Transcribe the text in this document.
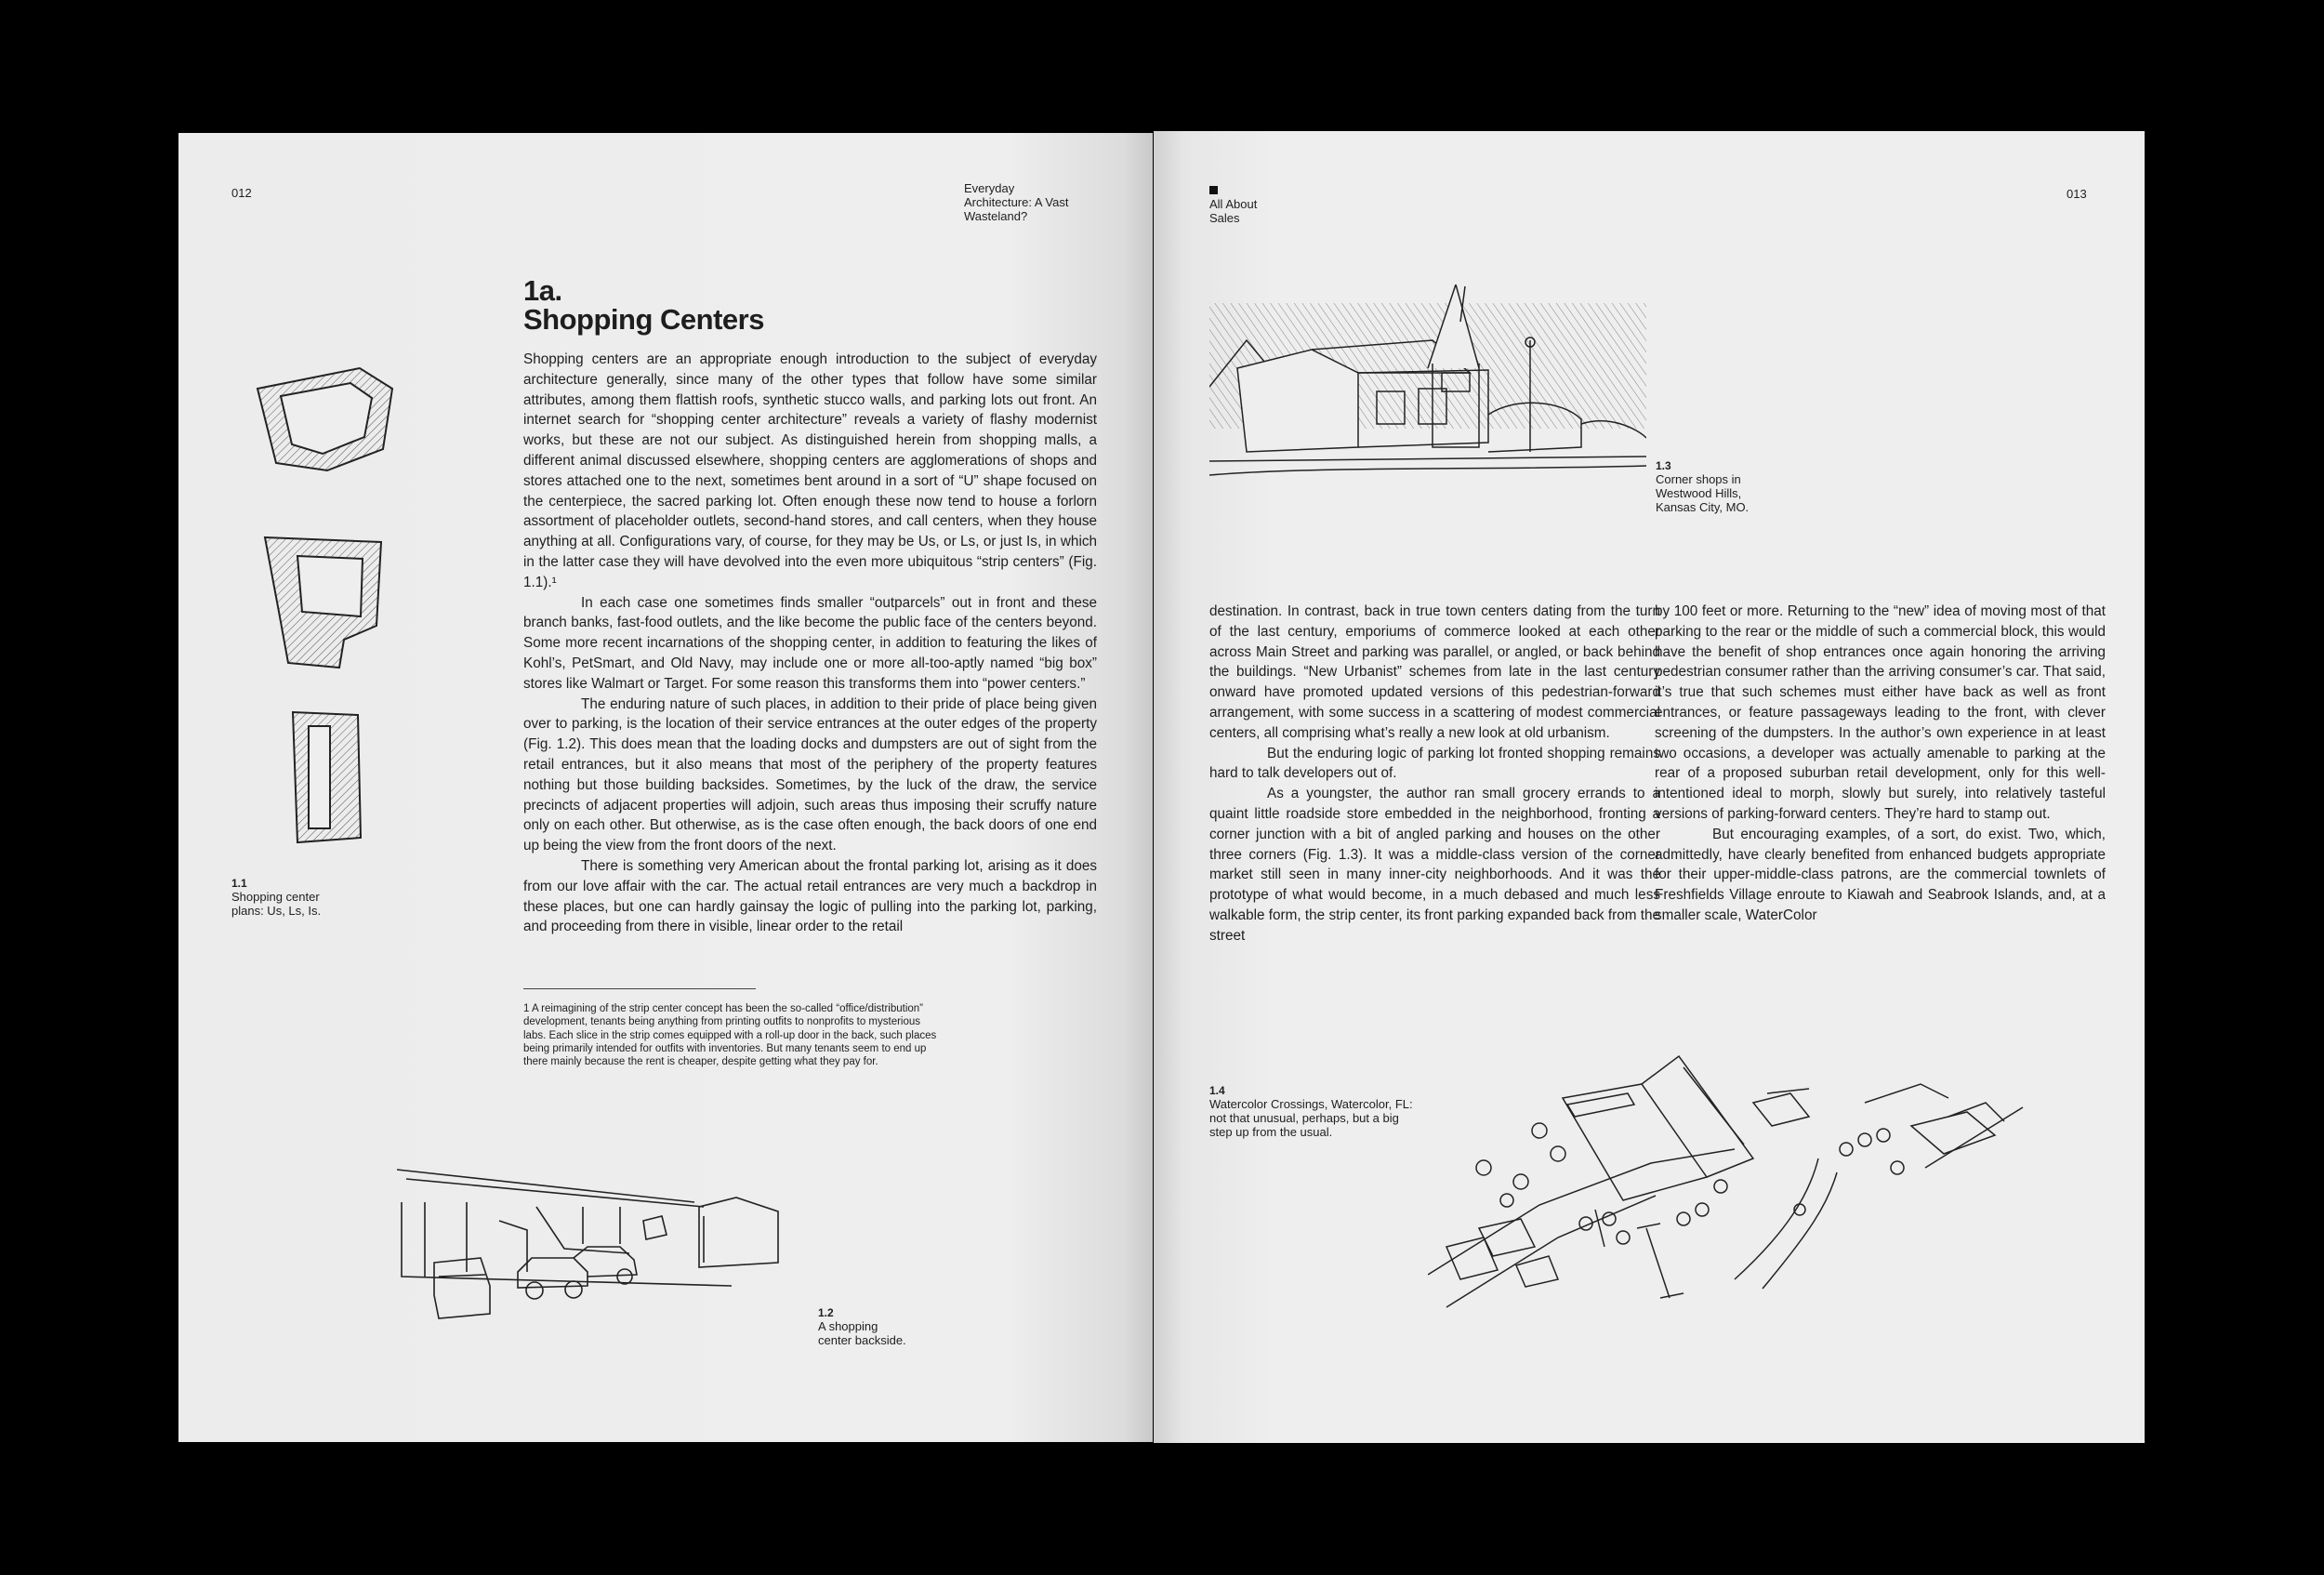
012	Everyday
Architecture: A Vast
Wasteland?
1a.
Shopping Centers

Shopping centers are an appropriate enough introduction to the subject of everyday architecture generally, since many of the other types that follow have some similar attributes, among them flattish roofs, synthetic stucco walls, and parking lots out front. An internet search for “shopping center architecture” reveals a variety of flashy modernist works, but these are not our subject. As distinguished herein from shopping malls, a different animal discussed elsewhere, shopping centers are agglomerations of shops and stores attached one to the next, sometimes bent around in a sort of “U” shape focused on the centerpiece, the sacred parking lot. Often enough these now tend to house a forlorn assortment of placeholder outlets, second-hand stores, and call centers, when they house anything at all. Configurations vary, of course, for they may be Us, or Ls, or just Is, in which in the latter case they will have devolved into the even more ubiquitous “strip centers” (Fig. 1.1).¹

In each case one sometimes finds smaller “outparcels” out in front and these branch banks, fast-food outlets, and the like become the public face of the centers beyond. Some more recent incarnations of the shopping center, in addition to featuring the likes of Kohl’s, PetSmart, and Old Navy, may include one or more all-too-aptly named “big box” stores like Walmart or Target. For some reason this transforms them into “power centers.”

The enduring nature of such places, in addition to their pride of place being given over to parking, is the location of their service entrances at the outer edges of the property (Fig. 1.2). This does mean that the loading docks and dumpsters are out of sight from the retail entrances, but it also means that most of the periphery of the property features nothing but those building backsides. Sometimes, by the luck of the draw, the service precincts of adjacent properties will adjoin, such areas thus imposing their scruffy nature only on each other. But otherwise, as is the case often enough, the back doors of one end up being the view from the front doors of the next.

There is something very American about the frontal parking lot, arising as it does from our love affair with the car. The actual retail entrances are very much a backdrop in these places, but one can hardly gainsay the logic of pulling into the parking lot, parking, and proceeding from there in visible, linear order to the retail

1.1
Shopping center
plans: Us, Ls, Is.
1 A reimagining of the strip center concept has been the so-called “office/distribution” development, tenants being anything from printing outfits to nonprofits to mysterious labs. Each slice in the strip comes equipped with a roll-up door in the back, such places being primarily intended for outfits with inventories. But many tenants seem to end up there mainly because the rent is cheaper, despite getting what they pay for.
1.2
A shopping
center backside.
All About
Sales
013
1.3
Corner shops in
Westwood Hills,
Kansas City, MO.

destination. In contrast, back in true town centers dating from the turn of the last century, emporiums of commerce looked at each other across Main Street and parking was parallel, or angled, or back behind the buildings. “New Urbanist” schemes from late in the last century onward have promoted updated versions of this pedestrian-forward arrangement, with some success in a scattering of modest commercial centers, all comprising what’s really a new look at old urbanism.

But the enduring logic of parking lot fronted shopping remains hard to talk developers out of.

As a youngster, the author ran small grocery errands to a quaint little roadside store embedded in the neighborhood, fronting a corner junction with a bit of angled parking and houses on the other three corners (Fig. 1.3). It was a middle-class version of the corner market still seen in many inner-city neighborhoods. And it was the prototype of what would become, in a much debased and much less walkable form, the strip center, its front parking expanded back from the street

by 100 feet or more. Returning to the “new” idea of moving most of that parking to the rear or the middle of such a commercial block, this would have the benefit of shop entrances once again honoring the arriving pedestrian consumer rather than the arriving consumer’s car. That said, it’s true that such schemes must either have back as well as front entrances, or feature passageways leading to the front, with clever screening of the dumpsters. In the author’s own experience in at least two occasions, a developer was actually amenable to parking at the rear of a proposed suburban retail development, only for this well-intentioned ideal to morph, slowly but surely, into relatively tasteful versions of parking-forward centers. They’re hard to stamp out.

But encouraging examples, of a sort, do exist. Two, which, admittedly, have clearly benefited from enhanced budgets appropriate for their upper-middle-class patrons, are the commercial townlets of Freshfields Village enroute to Kiawah and Seabrook Islands, and, at a smaller scale, WaterColor

1.4
Watercolor Crossings, Watercolor, FL:
not that unusual, perhaps, but a big
step up from the usual.
